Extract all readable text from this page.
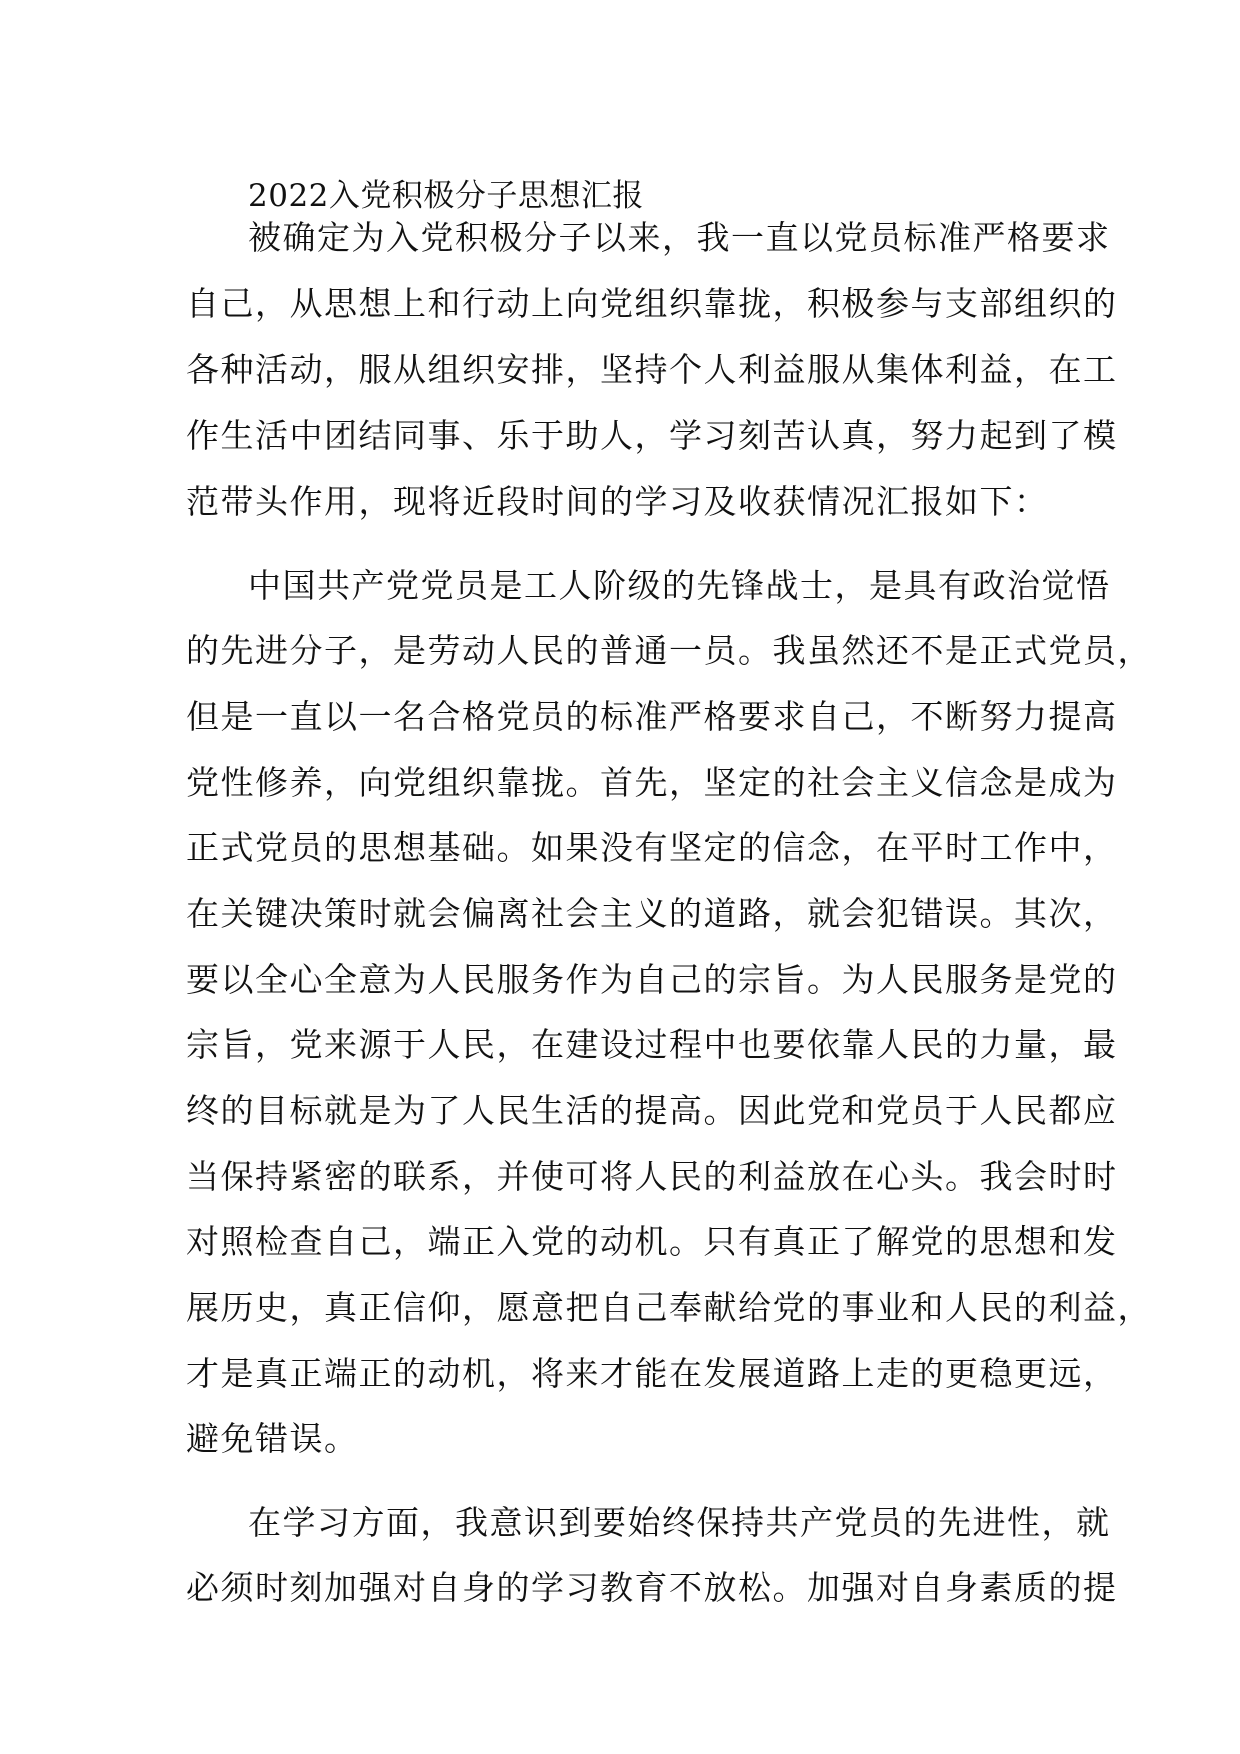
2022入党积极分子思想汇报
被确定为入党积极分子以来，我一直以党员标准严格要求
自己，从思想上和行动上向党组织靠拢，积极参与支部组织的
各种活动，服从组织安排，坚持个人利益服从集体利益，在工
作生活中团结同事、乐于助人，学习刻苦认真，努力起到了模
范带头作用，现将近段时间的学习及收获情况汇报如下：
中国共产党党员是工人阶级的先锋战士，是具有政治觉悟
的先进分子，是劳动人民的普通一员。我虽然还不是正式党员，
但是一直以一名合格党员的标准严格要求自己，不断努力提高
党性修养，向党组织靠拢。首先，坚定的社会主义信念是成为
正式党员的思想基础。如果没有坚定的信念，在平时工作中，
在关键决策时就会偏离社会主义的道路，就会犯错误。其次，
要以全心全意为人民服务作为自己的宗旨。为人民服务是党的
宗旨，党来源于人民，在建设过程中也要依靠人民的力量，最
终的目标就是为了人民生活的提高。因此党和党员于人民都应
当保持紧密的联系，并使可将人民的利益放在心头。我会时时
对照检查自己，端正入党的动机。只有真正了解党的思想和发
展历史，真正信仰，愿意把自己奉献给党的事业和人民的利益，
才是真正端正的动机，将来才能在发展道路上走的更稳更远，
避免错误。
在学习方面，我意识到要始终保持共产党员的先进性，就
必须时刻加强对自身的学习教育不放松。加强对自身素质的提
